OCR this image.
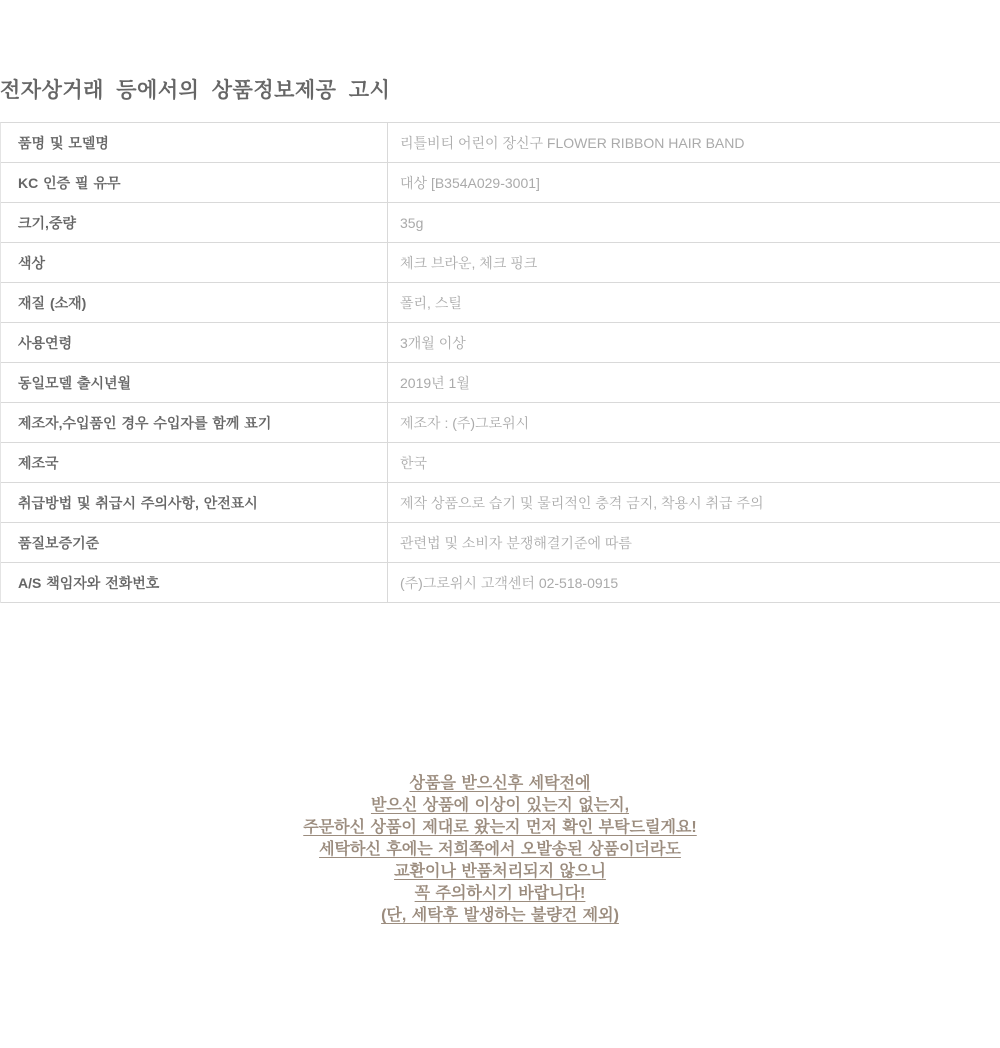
전자상거래 등에서의 상품정보제공 고시
품명 및 모델명	리틀비티 어린이 장신구 FLOWER RIBBON HAIR BAND
KC 인증 필 유무	대상 [B354A029-3001]
크기,중량	35g
색상	체크 브라운, 체크 핑크
재질 (소재)	폴리, 스틸
사용연령	3개월 이상
동일모델 출시년월	2019년 1월
제조자,수입품인 경우 수입자를 함께 표기	제조자 : (주)그로위시
제조국	한국
취급방법 및 취급시 주의사항, 안전표시	제작 상품으로 습기 및 물리적인 충격 금지, 착용시 취급 주의
품질보증기준	관련법 및 소비자 분쟁해결기준에 따름
A/S 책임자와 전화번호	(주)그로위시 고객센터 02-518-0915
상품을 받으신후 세탁전에
받으신 상품에 이상이 있는지 없는지,
주문하신 상품이 제대로 왔는지 먼저 확인 부탁드릴게요!
세탁하신 후에는 저희쪽에서 오발송된 상품이더라도
교환이나 반품처리되지 않으니
꼭 주의하시기 바랍니다!
(단, 세탁후 발생하는 불량건 제외)
